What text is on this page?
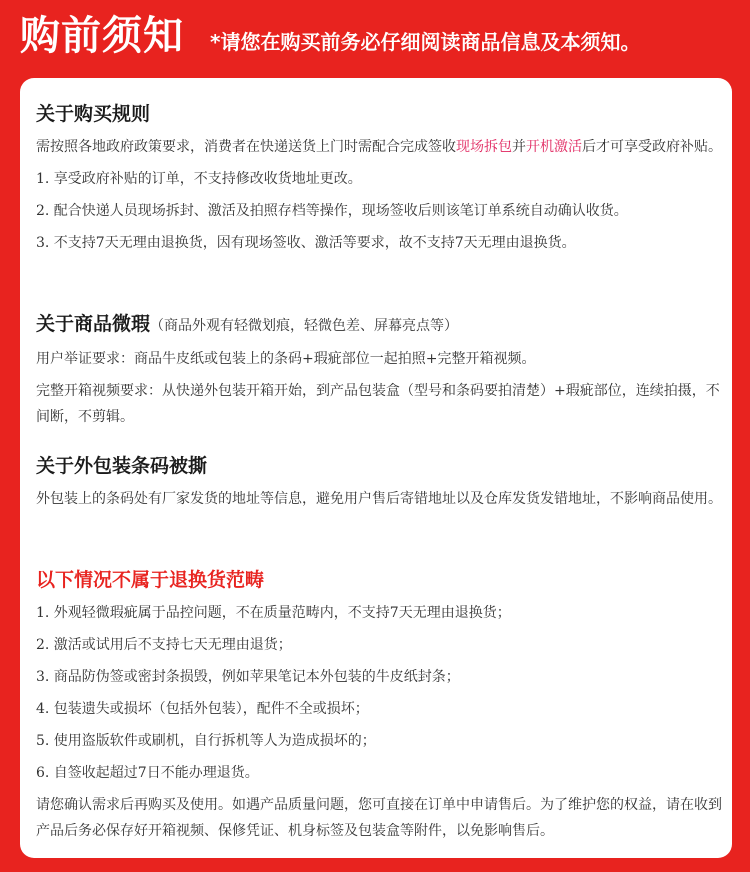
购前须知 *请您在购买前务必仔细阅读商品信息及本须知。
关于购买规则

需按照各地政府政策要求，消费者在快递送货上门时需配合完成签收现场拆包并开机激活后才可享受政府补贴。

1. 享受政府补贴的订单，不支持修改收货地址更改。

2. 配合快递人员现场拆封、激活及拍照存档等操作，现场签收后则该笔订单系统自动确认收货。

3. 不支持7天无理由退换货，因有现场签收、激活等要求，故不支持7天无理由退换货。

关于商品微瑕（商品外观有轻微划痕，轻微色差、屏幕亮点等）

用户举证要求：商品牛皮纸或包装上的条码+瑕疵部位一起拍照+完整开箱视频。

完整开箱视频要求：从快递外包装开箱开始，到产品包装盒（型号和条码要拍清楚）+瑕疵部位，连续拍摄，不间断，不剪辑。

关于外包装条码被撕

外包装上的条码处有厂家发货的地址等信息，避免用户售后寄错地址以及仓库发货发错地址，不影响商品使用。

以下情况不属于退换货范畴

1. 外观轻微瑕疵属于品控问题，不在质量范畴内，不支持7天无理由退换货；

2. 激活或试用后不支持七天无理由退货；

3. 商品防伪签或密封条损毁，例如苹果笔记本外包装的牛皮纸封条；

4. 包装遗失或损坏（包括外包装），配件不全或损坏；

5. 使用盗版软件或刷机，自行拆机等人为造成损坏的；

6. 自签收起超过7日不能办理退货。

请您确认需求后再购买及使用。如遇产品质量问题，您可直接在订单中申请售后。为了维护您的权益，请在收到产品后务必保存好开箱视频、保修凭证、机身标签及包装盒等附件，以免影响售后。
